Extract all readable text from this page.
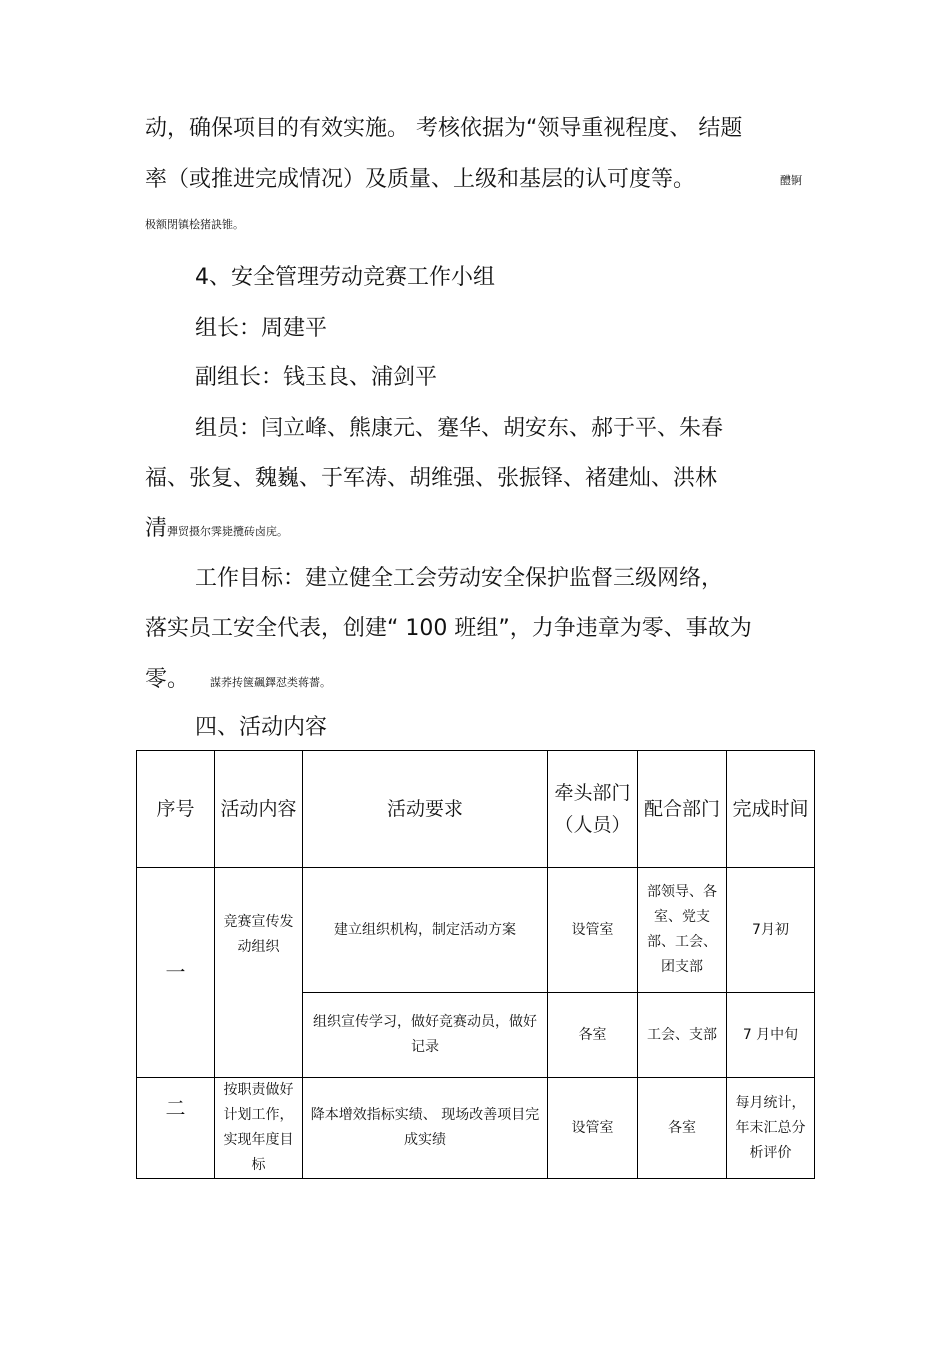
动，确保项目的有效实施。 考核依据为“领导重视程度、 结题
率（或推进完成情况）及质量、上级和基层的认可度等。	醴锕
极额閉镇桧猪訣锥。
4、安全管理劳动竞赛工作小组
组长：周建平
副组长：钱玉良、浦剑平
组员：闫立峰、熊康元、蹇华、胡安东、郝于平、朱春
福、张复、魏巍、于军涛、胡维强、张振铎、褚建灿、洪林
清彈贸摄尔霁毙攬砖卤庑。
工作目标：建立健全工会劳动安全保护监督三级网络，
落实员工安全代表，创建“ 100 班组”，力争违章为零、事故为
零。 謀荞抟箧飆鐸怼类蒋薔。
四、活动内容
序号	活动内容	活动要求	牵头部门（人员）	配合部门	完成时间
一	竞赛宣传发动组织	建立组织机构，制定活动方案	设管室	部领导、各室、党支部、工会、团支部	7月初
		组织宣传学习，做好竞赛动员，做好记录	各室	工会、支部	7 月中旬
二	按职责做好计划工作，实现年度目标	降本增效指标实绩、 现场改善项目完成实绩	设管室	各室	每月统计，年末汇总分析评价
